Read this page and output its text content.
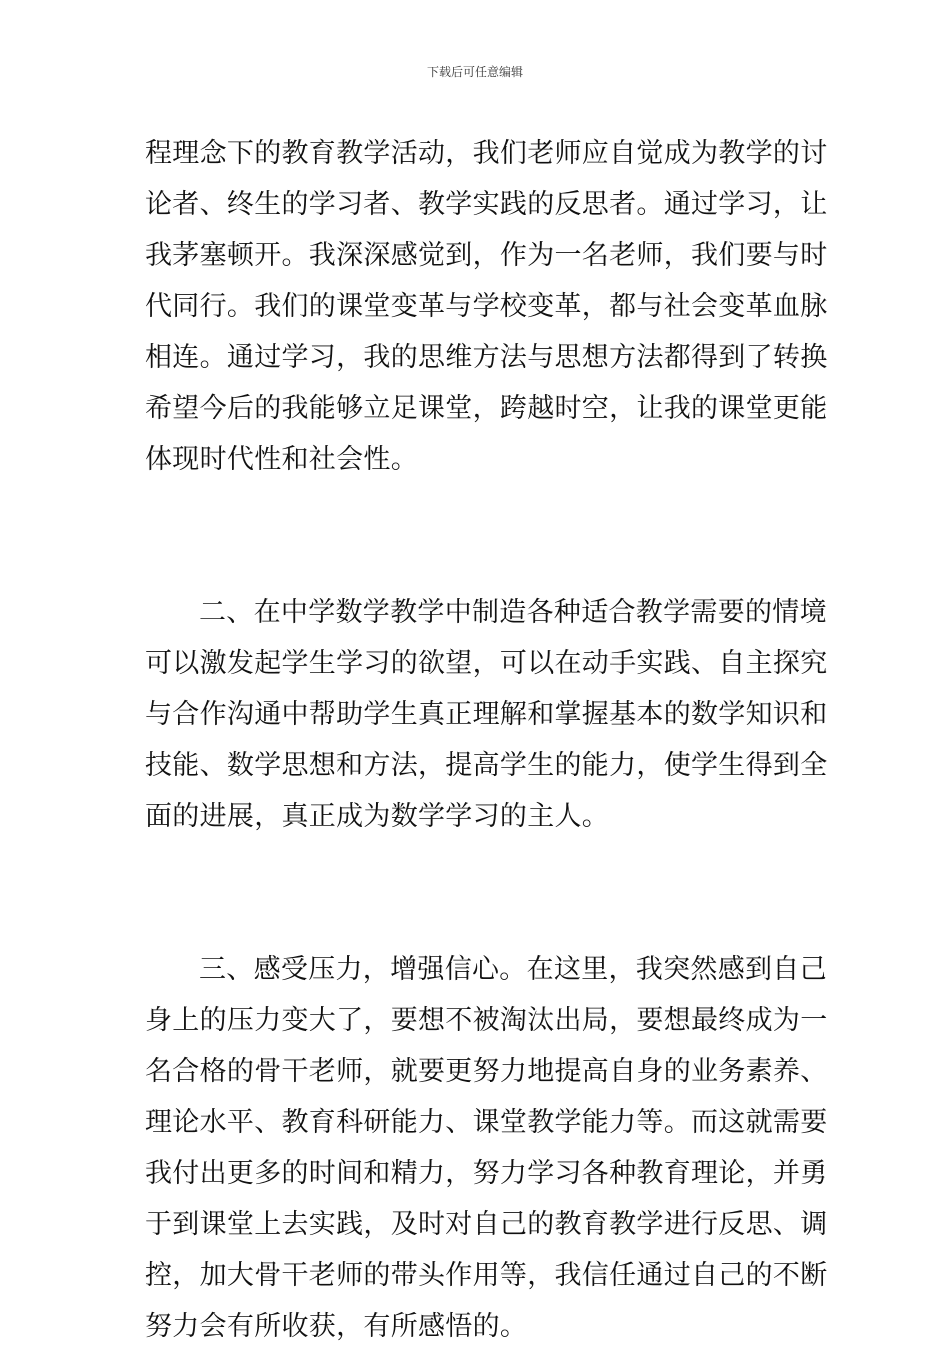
下载后可任意编辑
程理念下的教育教学活动，我们老师应自觉成为教学的讨
论者、终生的学习者、教学实践的反思者。通过学习，让
我茅塞顿开。我深深感觉到，作为一名老师，我们要与时
代同行。我们的课堂变革与学校变革，都与社会变革血脉
相连。通过学习，我的思维方法与思想方法都得到了转换
希望今后的我能够立足课堂，跨越时空，让我的课堂更能
体现时代性和社会性。
二、在中学数学教学中制造各种适合教学需要的情境
可以激发起学生学习的欲望，可以在动手实践、自主探究
与合作沟通中帮助学生真正理解和掌握基本的数学知识和
技能、数学思想和方法，提高学生的能力，使学生得到全
面的进展，真正成为数学学习的主人。
三、感受压力，增强信心。在这里，我突然感到自己
身上的压力变大了，要想不被淘汰出局，要想最终成为一
名合格的骨干老师，就要更努力地提高自身的业务素养、
理论水平、教育科研能力、课堂教学能力等。而这就需要
我付出更多的时间和精力，努力学习各种教育理论，并勇
于到课堂上去实践，及时对自己的教育教学进行反思、调
控，加大骨干老师的带头作用等，我信任通过自己的不断
努力会有所收获，有所感悟的。
